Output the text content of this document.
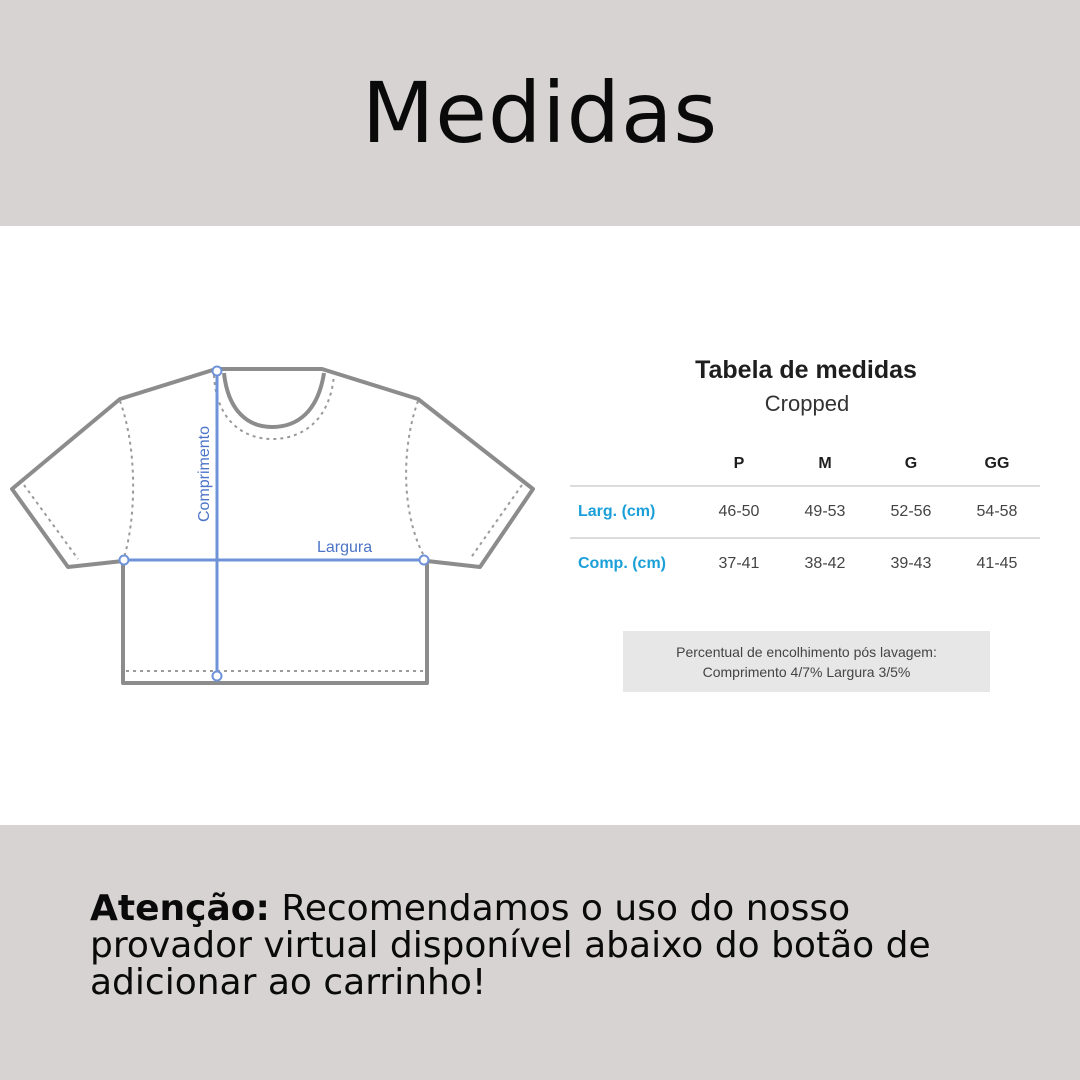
Medidas
Comprimento
Largura
Tabela de medidas
Cropped
	P	M	G	GG
Larg. (cm)	46-50	49-53	52-56	54-58
Comp. (cm)	37-41	38-42	39-43	41-45
Percentual de encolhimento pós lavagem:
Comprimento 4/7% Largura 3/5%

Atenção: Recomendamos o uso do nosso provador virtual disponível abaixo do botão de adicionar ao carrinho!
